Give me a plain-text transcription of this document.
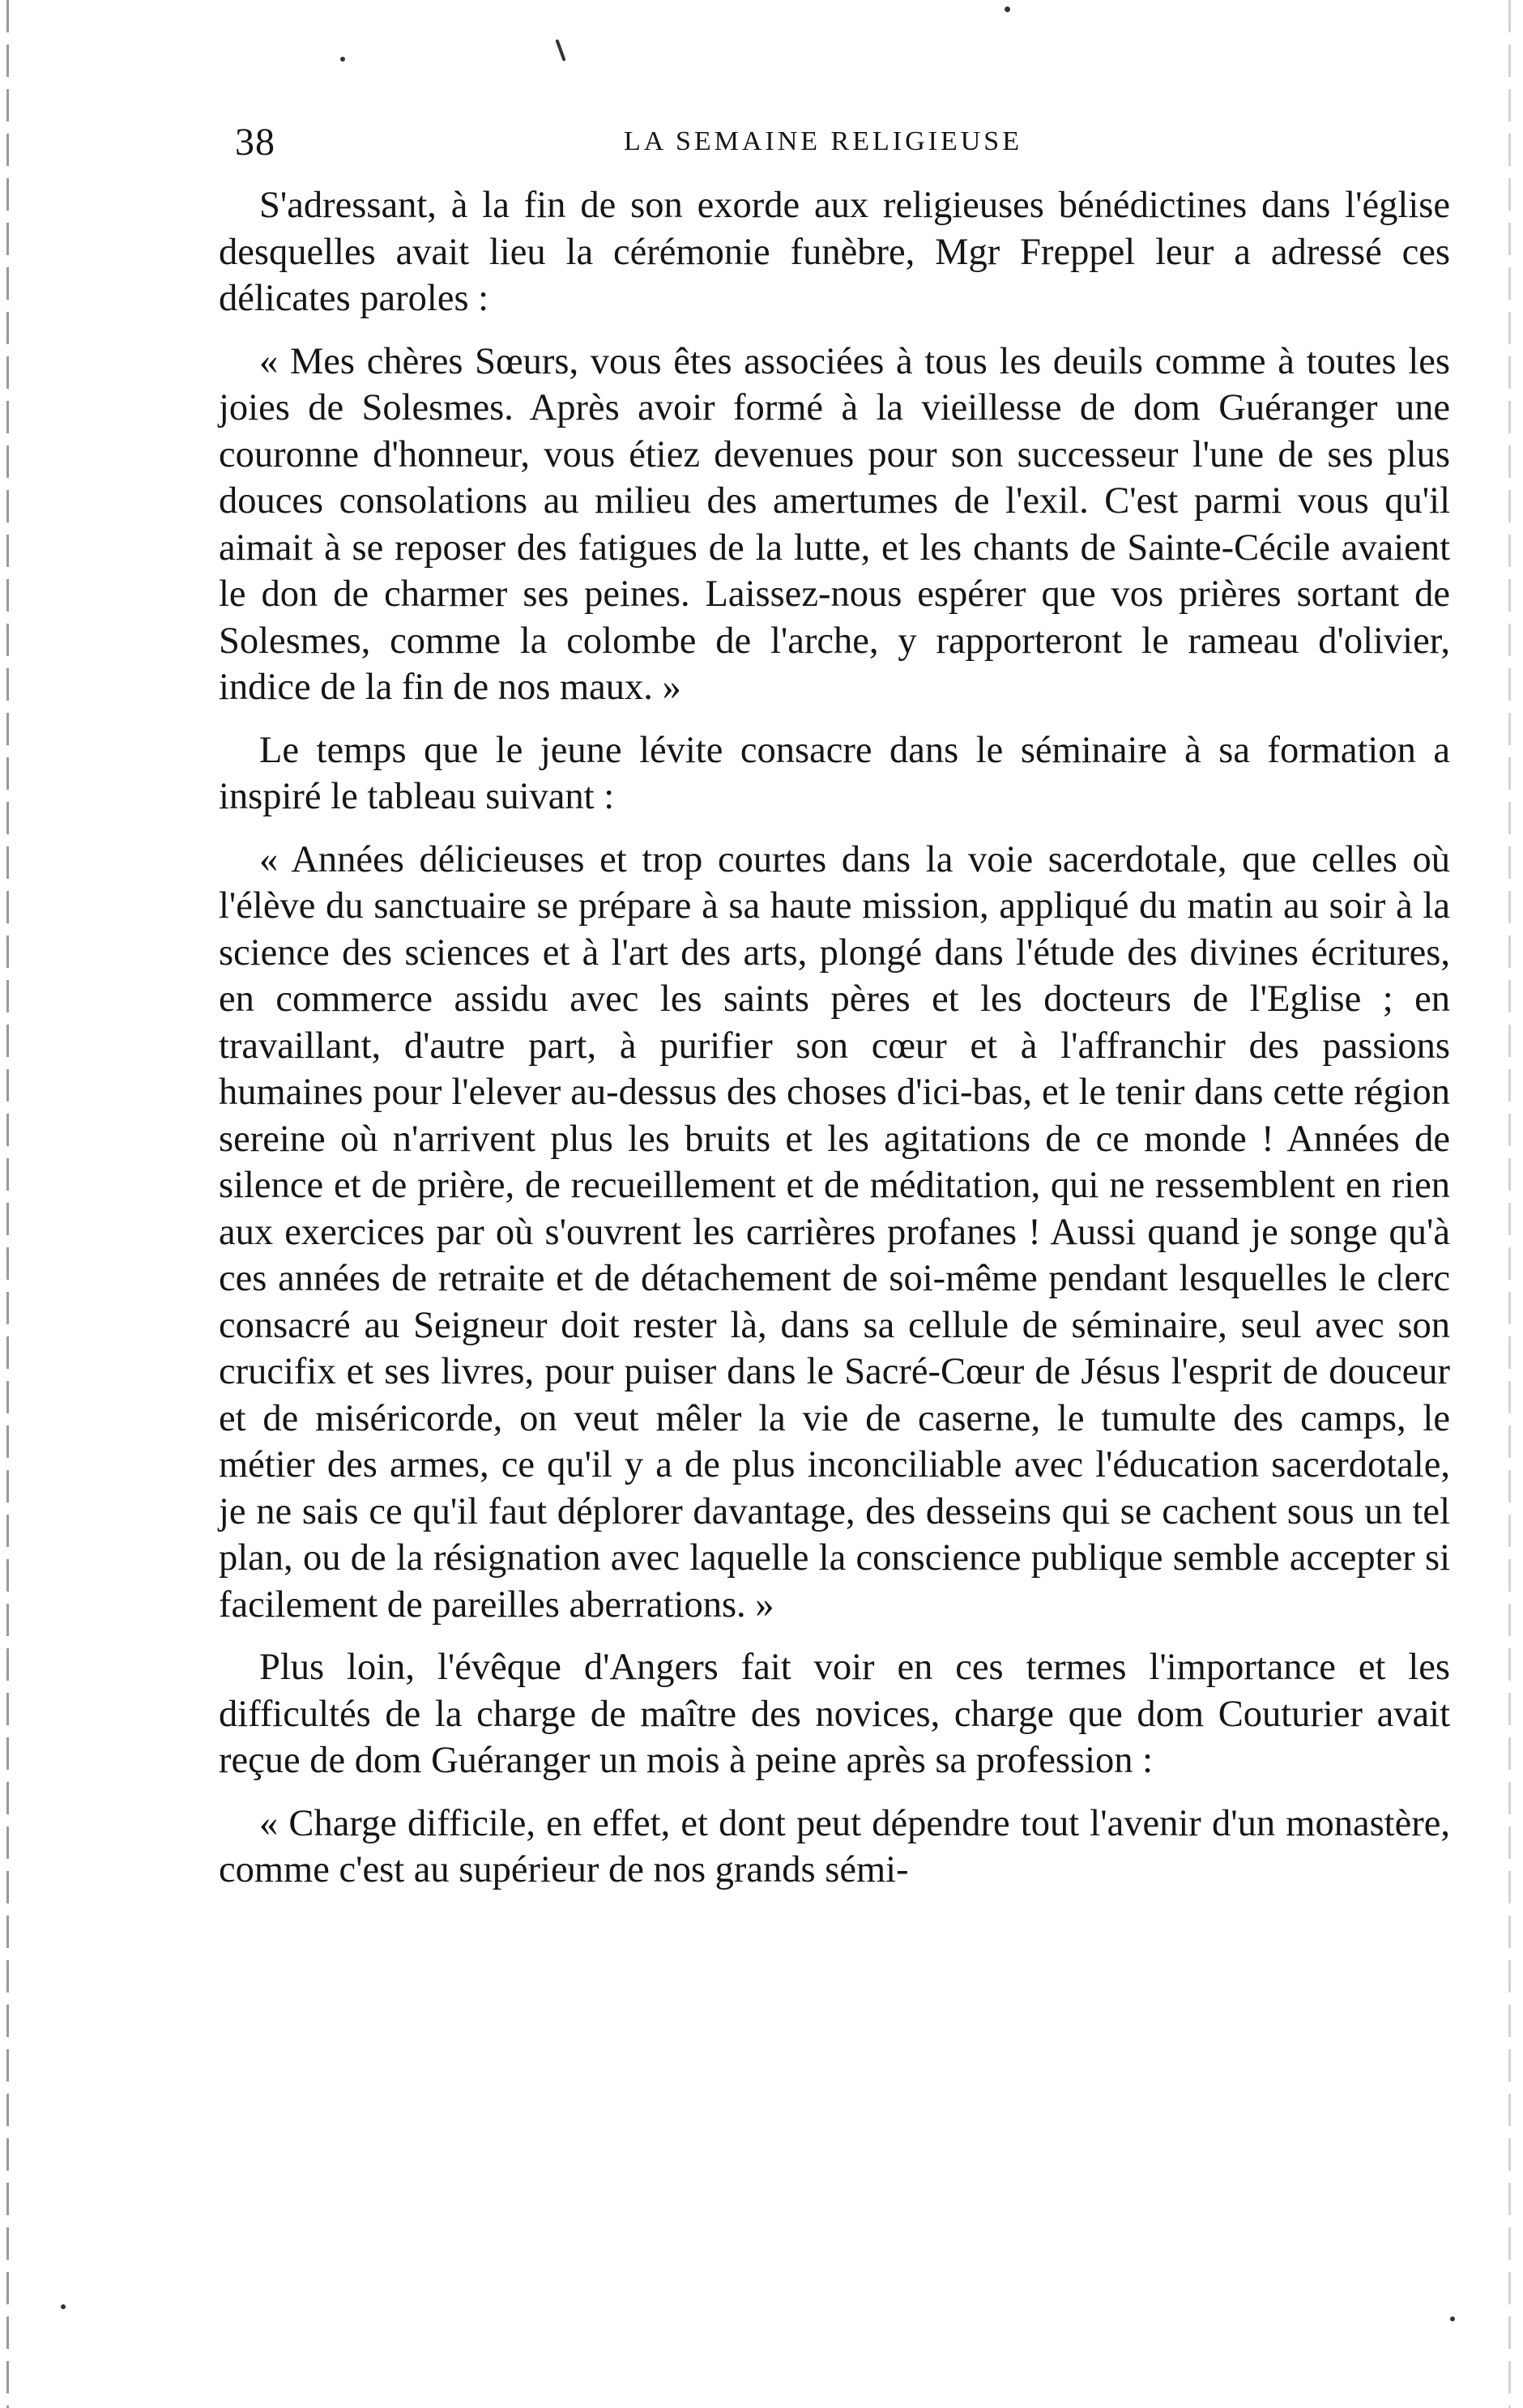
38	LA SEMAINE RELIGIEUSE

S'adressant, à la fin de son exorde aux religieuses bénédictines dans l'église desquelles avait lieu la cérémonie funèbre, Mgr Freppel leur a adressé ces délicates paroles :

« Mes chères Sœurs, vous êtes associées à tous les deuils comme à toutes les joies de Solesmes. Après avoir formé à la vieillesse de dom Guéranger une couronne d'honneur, vous étiez devenues pour son successeur l'une de ses plus douces consolations au milieu des amertumes de l'exil. C'est parmi vous qu'il aimait à se reposer des fatigues de la lutte, et les chants de Sainte-Cécile avaient le don de charmer ses peines. Laissez-nous espérer que vos prières sortant de Solesmes, comme la colombe de l'arche, y rapporteront le rameau d'olivier, indice de la fin de nos maux. »

Le temps que le jeune lévite consacre dans le séminaire à sa formation a inspiré le tableau suivant :

« Années délicieuses et trop courtes dans la voie sacerdotale, que celles où l'élève du sanctuaire se prépare à sa haute mission, appliqué du matin au soir à la science des sciences et à l'art des arts, plongé dans l'étude des divines écritures, en commerce assidu avec les saints pères et les docteurs de l'Eglise ; en travaillant, d'autre part, à purifier son cœur et à l'affranchir des passions humaines pour l'elever au-dessus des choses d'ici-bas, et le tenir dans cette région sereine où n'arrivent plus les bruits et les agitations de ce monde ! Années de silence et de prière, de recueillement et de méditation, qui ne ressemblent en rien aux exercices par où s'ouvrent les carrières profanes ! Aussi quand je songe qu'à ces années de retraite et de détachement de soi-même pendant lesquelles le clerc consacré au Seigneur doit rester là, dans sa cellule de séminaire, seul avec son crucifix et ses livres, pour puiser dans le Sacré-Cœur de Jésus l'esprit de douceur et de miséricorde, on veut mêler la vie de caserne, le tumulte des camps, le métier des armes, ce qu'il y a de plus inconciliable avec l'éducation sacerdotale, je ne sais ce qu'il faut déplorer davantage, des desseins qui se cachent sous un tel plan, ou de la résignation avec laquelle la conscience publique semble accepter si facilement de pareilles aberrations. »

Plus loin, l'évêque d'Angers fait voir en ces termes l'importance et les difficultés de la charge de maître des novices, charge que dom Couturier avait reçue de dom Guéranger un mois à peine après sa profession :

« Charge difficile, en effet, et dont peut dépendre tout l'avenir d'un monastère, comme c'est au supérieur de nos grands sémi-
